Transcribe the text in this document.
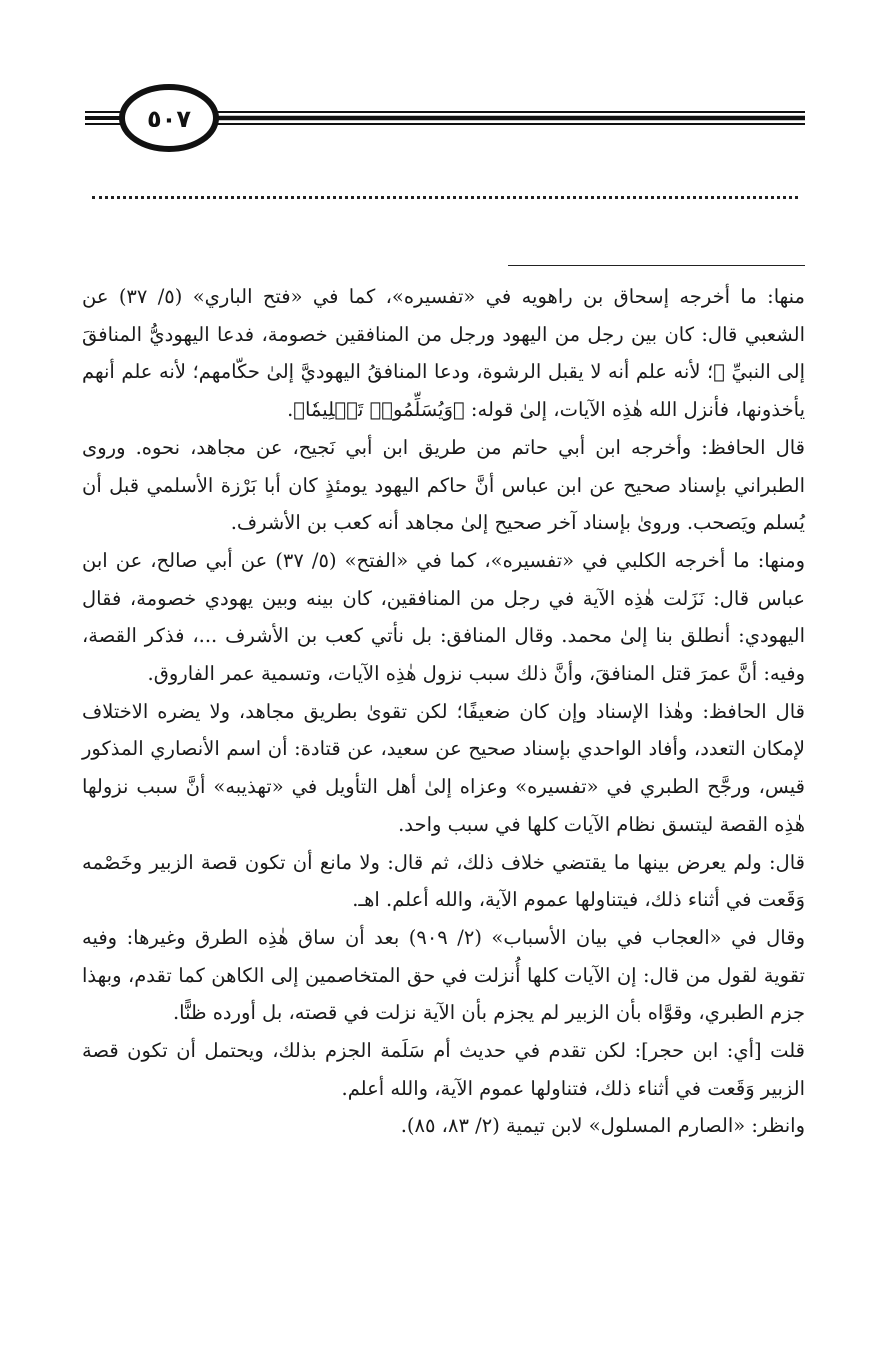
٥٠٧

منها: ما أخرجه إسحاق بن راهويه في «تفسيره»، كما في «فتح الباري» (٥/ ٣٧) عن الشعبي قال: كان بين رجل من اليهود ورجل من المنافقين خصومة، فدعا اليهوديُّ المنافقَ إلى النبيِّ ﷺ؛ لأنه علم أنه لا يقبل الرشوة، ودعا المنافقُ اليهوديَّ إلىٰ حكّامهم؛ لأنه علم أنهم يأخذونها، فأنزل الله هٰذِه الآيات، إلىٰ قوله: ﴿وَيُسَلِّمُوا۟ تَسۡلِيمٗا﴾.

قال الحافظ: وأخرجه ابن أبي حاتم من طريق ابن أبي نَجيح، عن مجاهد، نحوه. وروى الطبراني بإسناد صحيح عن ابن عباس أنَّ حاكم اليهود يومئذٍ كان أبا بَرْزة الأسلمي قبل أن يُسلم ويَصحب. وروىٰ بإسناد آخر صحيح إلىٰ مجاهد أنه كعب بن الأشرف.

ومنها: ما أخرجه الكلبي في «تفسيره»، كما في «الفتح» (٥/ ٣٧) عن أبي صالح، عن ابن عباس قال: نَزَلت هٰذِه الآية في رجل من المنافقين، كان بينه وبين يهودي خصومة، فقال اليهودي: أنطلق بنا إلىٰ محمد. وقال المنافق: بل نأتي كعب بن الأشرف ...، فذكر القصة، وفيه: أنَّ عمرَ قتل المنافقَ، وأنَّ ذلك سبب نزول هٰذِه الآيات، وتسمية عمر الفاروق.

قال الحافظ: وهٰذا الإسناد وإن كان ضعيفًا؛ لكن تقوىٰ بطريق مجاهد، ولا يضره الاختلاف لإمكان التعدد، وأفاد الواحدي بإسناد صحيح عن سعيد، عن قتادة: أن اسم الأنصاري المذكور قيس، ورجَّح الطبري في «تفسيره» وعزاه إلىٰ أهل التأويل في «تهذيبه» أنَّ سبب نزولها هٰذِه القصة ليتسق نظام الآيات كلها في سبب واحد.

قال: ولم يعرض بينها ما يقتضي خلاف ذلك، ثم قال: ولا مانع أن تكون قصة الزبير وخَصْمه وَقَعت في أثناء ذلك، فيتناولها عموم الآية، والله أعلم. اهـ.

وقال في «العجاب في بيان الأسباب» (٢/ ٩٠٩) بعد أن ساق هٰذِه الطرق وغيرها: وفيه تقوية لقول من قال: إن الآيات كلها أُنزلت في حق المتخاصمين إلى الكاهن كما تقدم، وبهذا جزم الطبري، وقوَّاه بأن الزبير لم يجزم بأن الآية نزلت في قصته، بل أورده ظنًّا.

قلت [أي: ابن حجر]: لكن تقدم في حديث أم سَلَمة الجزم بذلك، ويحتمل أن تكون قصة الزبير وَقَعت في أثناء ذلك، فتناولها عموم الآية، والله أعلم.

وانظر: «الصارم المسلول» لابن تيمية (٢/ ٨٣، ٨٥).
